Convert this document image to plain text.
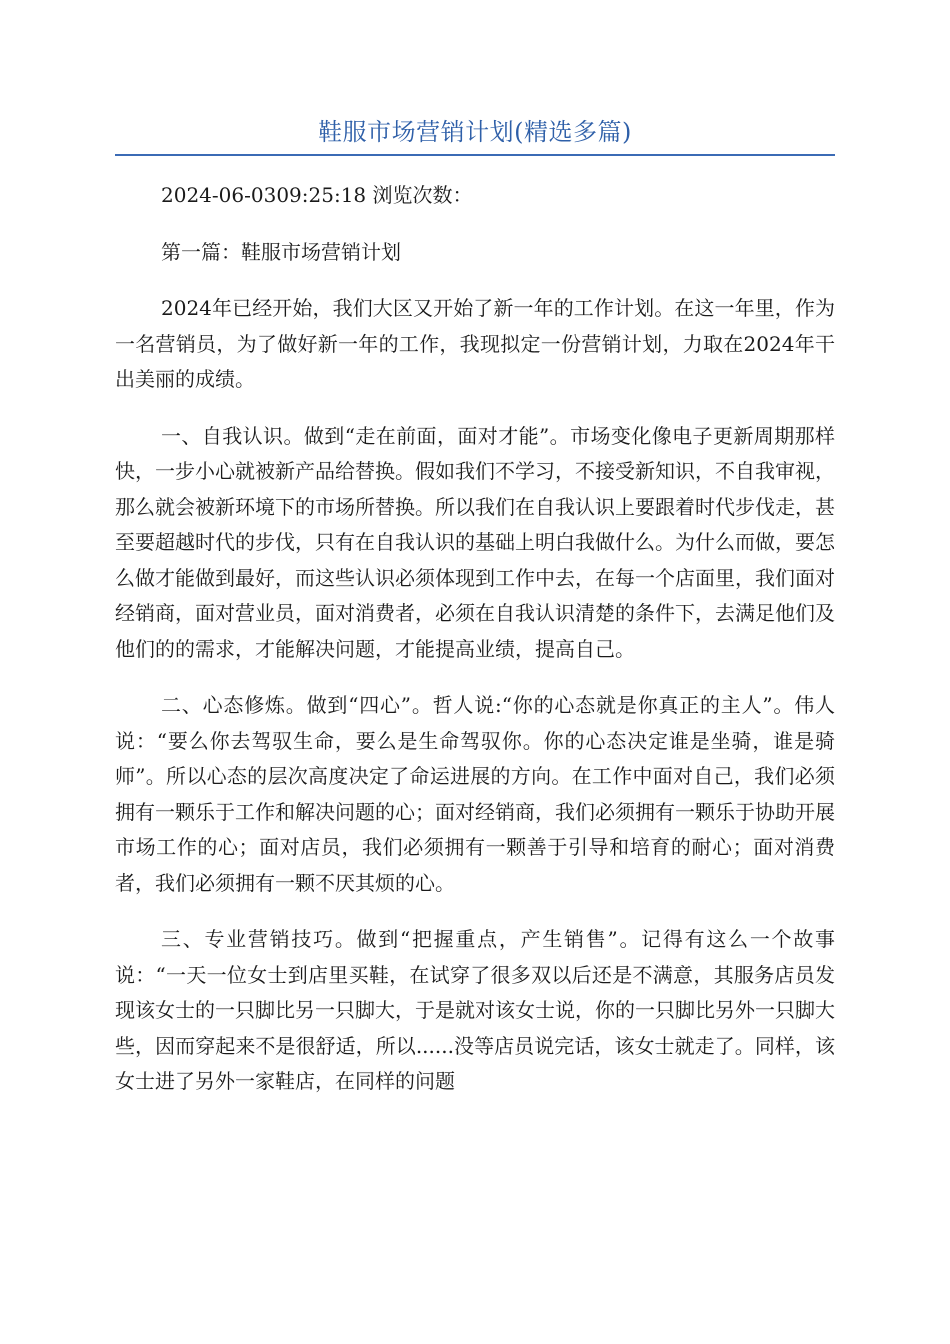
鞋服市场营销计划(精选多篇)

2024-06-0309:25:18 浏览次数：

第一篇：鞋服市场营销计划

2024年已经开始，我们大区又开始了新一年的工作计划。在这一年里，作为一名营销员，为了做好新一年的工作，我现拟定一份营销计划，力取在2024年干出美丽的成绩。

一、自我认识。做到“走在前面，面对才能”。市场变化像电子更新周期那样快，一步小心就被新产品给替换。假如我们不学习，不接受新知识，不自我审视，那么就会被新环境下的市场所替换。所以我们在自我认识上要跟着时代步伐走，甚至要超越时代的步伐，只有在自我认识的基础上明白我做什么。为什么而做，要怎么做才能做到最好，而这些认识必须体现到工作中去，在每一个店面里，我们面对经销商，面对营业员，面对消费者，必须在自我认识清楚的条件下，去满足他们及他们的的需求，才能解决问题，才能提高业绩，提高自己。

二、心态修炼。做到“四心”。哲人说:“你的心态就是你真正的主人”。伟人说：“要么你去驾驭生命，要么是生命驾驭你。你的心态决定谁是坐骑，谁是骑师”。所以心态的层次高度决定了命运进展的方向。在工作中面对自己，我们必须拥有一颗乐于工作和解决问题的心；面对经销商，我们必须拥有一颗乐于协助开展市场工作的心；面对店员，我们必须拥有一颗善于引导和培育的耐心；面对消费者，我们必须拥有一颗不厌其烦的心。

三、专业营销技巧。做到“把握重点，产生销售”。记得有这么一个故事说：“一天一位女士到店里买鞋，在试穿了很多双以后还是不满意，其服务店员发现该女士的一只脚比另一只脚大，于是就对该女士说，你的一只脚比另外一只脚大些，因而穿起来不是很舒适，所以......没等店员说完话，该女士就走了。同样，该女士进了另外一家鞋店，在同样的问题
